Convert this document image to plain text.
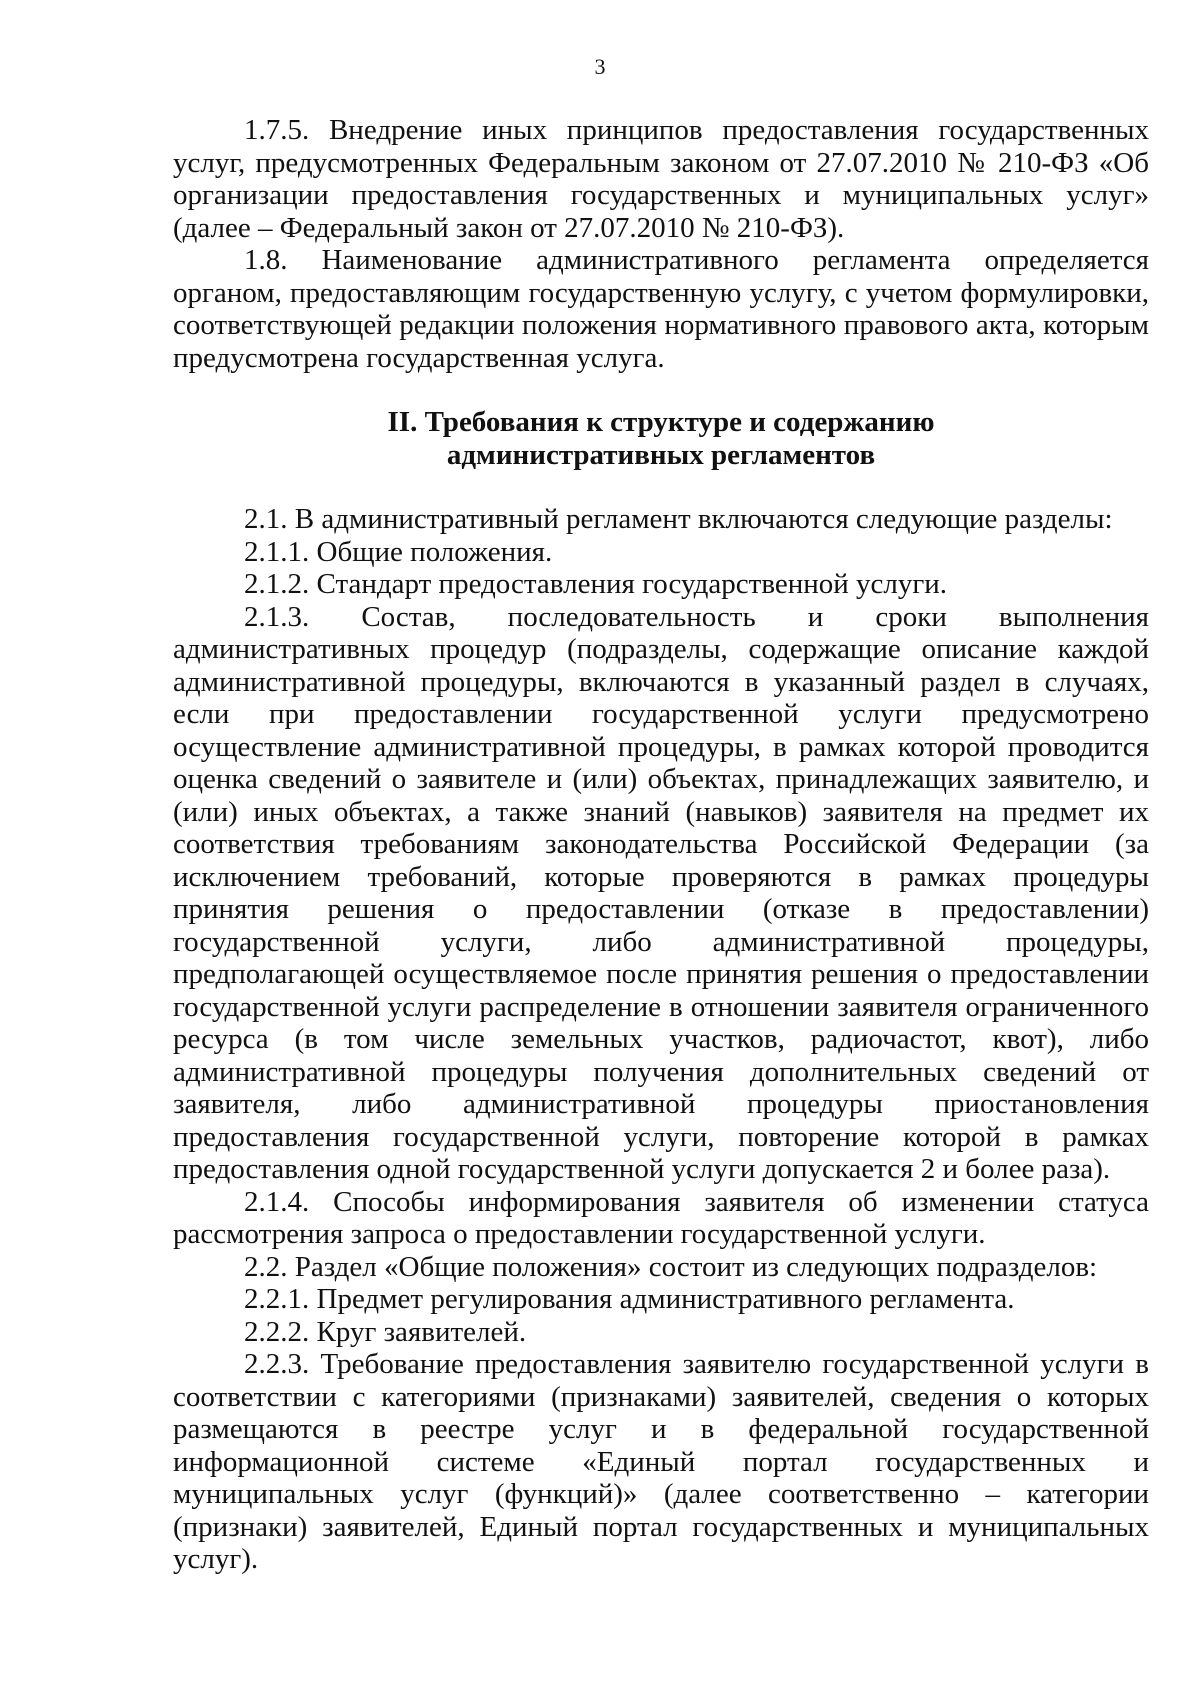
3

1.7.5. Внедрение иных принципов предоставления государственных услуг, предусмотренных Федеральным законом от 27.07.2010 № 210-ФЗ «Об организации предоставления государственных и муниципальных услуг» (далее – Федеральный закон от 27.07.2010 № 210-ФЗ).

1.8. Наименование административного регламента определяется органом, предоставляющим государственную услугу, с учетом формулировки, соответствующей редакции положения нормативного правового акта, которым предусмотрена государственная услуга.

II. Требования к структуре и содержанию
административных регламентов

2.1. В административный регламент включаются следующие разделы:

2.1.1. Общие положения.

2.1.2. Стандарт предоставления государственной услуги.

2.1.3. Состав, последовательность и сроки выполнения административных процедур (подразделы, содержащие описание каждой административной процедуры, включаются в указанный раздел в случаях, если при предоставлении государственной услуги предусмотрено осуществление административной процедуры, в рамках которой проводится оценка сведений о заявителе и (или) объектах, принадлежащих заявителю, и (или) иных объектах, а также знаний (навыков) заявителя на предмет их соответствия требованиям законодательства Российской Федерации (за исключением требований, которые проверяются в рамках процедуры принятия решения о предоставлении (отказе в предоставлении) государственной услуги, либо административной процедуры, предполагающей осуществляемое после принятия решения о предоставлении государственной услуги распределение в отношении заявителя ограниченного ресурса (в том числе земельных участков, радиочастот, квот), либо административной процедуры получения дополнительных сведений от заявителя, либо административной процедуры приостановления предоставления государственной услуги, повторение которой в рамках предоставления одной государственной услуги допускается 2 и более раза).

2.1.4. Способы информирования заявителя об изменении статуса рассмотрения запроса о предоставлении государственной услуги.

2.2. Раздел «Общие положения» состоит из следующих подразделов:

2.2.1. Предмет регулирования административного регламента.

2.2.2. Круг заявителей.

2.2.3. Требование предоставления заявителю государственной услуги в соответствии с категориями (признаками) заявителей, сведения о которых размещаются в реестре услуг и в федеральной государственной информационной системе «Единый портал государственных и муниципальных услуг (функций)» (далее соответственно – категории (признаки) заявителей, Единый портал государственных и муниципальных услуг).
